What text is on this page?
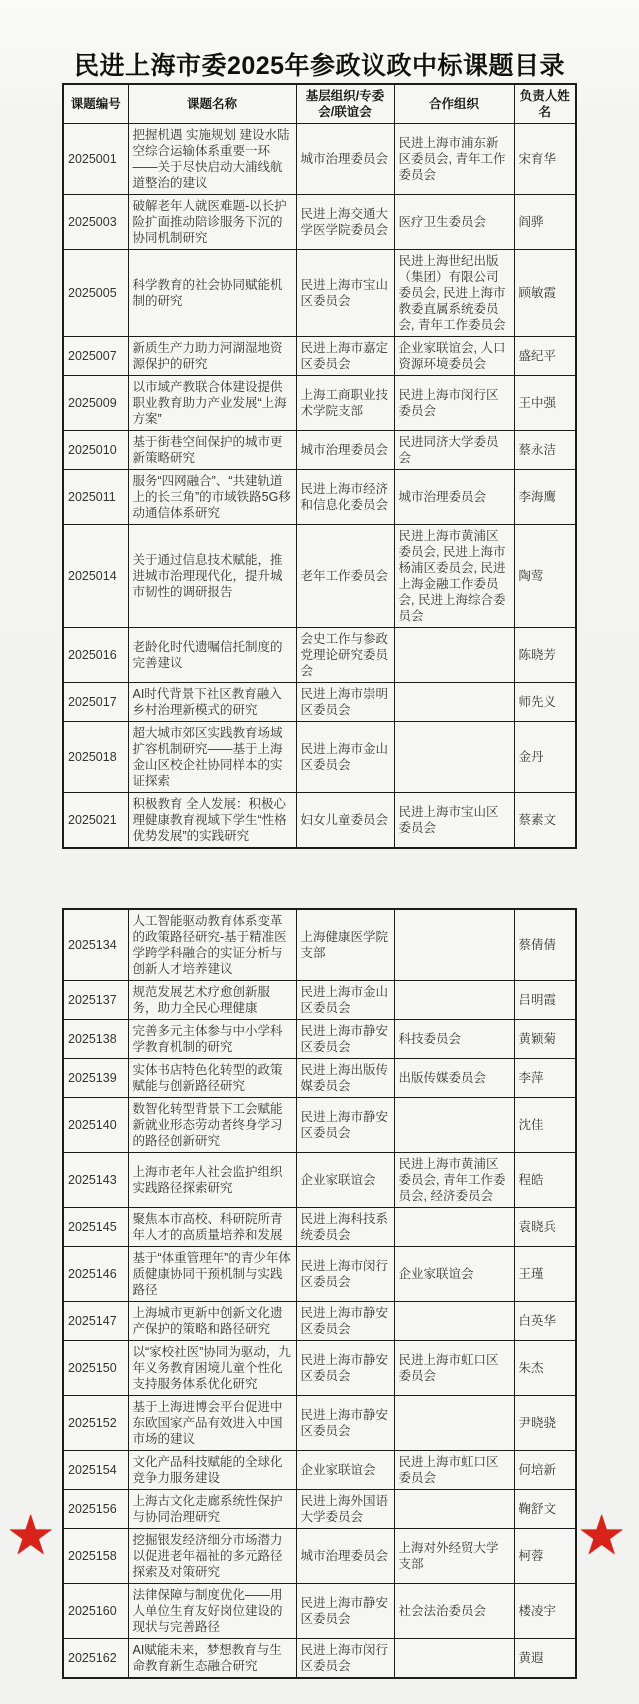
民进上海市委2025年参政议政中标课题目录
课题编号	课题名称	基层组织/专委会/联谊会	合作组织	负责人姓名
2025001	把握机遇 实施规划 建设水陆空综合运输体系重要一环——关于尽快启动大浦线航道整治的建议	城市治理委员会	民进上海市浦东新区委员会, 青年工作委员会	宋育华
2025003	破解老年人就医难题-以长护险扩面推动陪诊服务下沉的协同机制研究	民进上海交通大学医学院委员会	医疗卫生委员会	阎骅
2025005	科学教育的社会协同赋能机制的研究	民进上海市宝山区委员会	民进上海世纪出版（集团）有限公司委员会, 民进上海市教委直属系统委员会, 青年工作委员会	顾敏霞
2025007	新质生产力助力河湖湿地资源保护的研究	民进上海市嘉定区委员会	企业家联谊会, 人口资源环境委员会	盛纪平
2025009	以市域产教联合体建设提供职业教育助力产业发展“上海方案”	上海工商职业技术学院支部	民进上海市闵行区委员会	王中强
2025010	基于街巷空间保护的城市更新策略研究	城市治理委员会	民进同济大学委员会	蔡永洁
2025011	服务“四网融合”、“共建轨道上的长三角”的市域铁路5G移动通信体系研究	民进上海市经济和信息化委员会	城市治理委员会	李海鹰
2025014	关于通过信息技术赋能，推进城市治理现代化，提升城市韧性的调研报告	老年工作委员会	民进上海市黄浦区委员会, 民进上海市杨浦区委员会, 民进上海金融工作委员会, 民进上海综合委员会	陶莺
2025016	老龄化时代遗嘱信托制度的完善建议	会史工作与参政党理论研究委员会		陈晓芳
2025017	AI时代背景下社区教育融入乡村治理新模式的研究	民进上海市崇明区委员会		师先义
2025018	超大城市郊区实践教育场域扩容机制研究——基于上海金山区校企社协同样本的实证探索	民进上海市金山区委员会		金丹
2025021	积极教育 全人发展：积极心理健康教育视域下学生“性格优势发展”的实践研究	妇女儿童委员会	民进上海市宝山区委员会	蔡素文
2025134	人工智能驱动教育体系变革的政策路径研究-基于精准医学跨学科融合的实证分析与创新人才培养建议	上海健康医学院支部		蔡倩倩
2025137	规范发展艺术疗愈创新服务，助力全民心理健康	民进上海市金山区委员会		吕明霞
2025138	完善多元主体参与中小学科学教育机制的研究	民进上海市静安区委员会	科技委员会	黄颖菊
2025139	实体书店特色化转型的政策赋能与创新路径研究	民进上海出版传媒委员会	出版传媒委员会	李萍
2025140	数智化转型背景下工会赋能新就业形态劳动者终身学习的路径创新研究	民进上海市静安区委员会		沈佳
2025143	上海市老年人社会监护组织实践路径探索研究	企业家联谊会	民进上海市黄浦区委员会, 青年工作委员会, 经济委员会	程皓
2025145	聚焦本市高校、科研院所青年人才的高质量培养和发展	民进上海科技系统委员会		袁晓兵
2025146	基于“体重管理年”的青少年体质健康协同干预机制与实践路径	民进上海市闵行区委员会	企业家联谊会	王瑾
2025147	上海城市更新中创新文化遗产保护的策略和路径研究	民进上海市静安区委员会		白英华
2025150	以“家校社医”协同为驱动，九年义务教育困境儿童个性化支持服务体系优化研究	民进上海市静安区委员会	民进上海市虹口区委员会	朱杰
2025152	基于上海进博会平台促进中东欧国家产品有效进入中国市场的建议	民进上海市静安区委员会		尹晓骁
2025154	文化产品科技赋能的全球化竞争力服务建设	企业家联谊会	民进上海市虹口区委员会	何培新
2025156	上海古文化走廊系统性保护与协同治理研究	民进上海外国语大学委员会		鞠舒文
2025158	挖掘银发经济细分市场潜力以促进老年福祉的多元路径探索及对策研究	城市治理委员会	上海对外经贸大学支部	柯蓉
2025160	法律保障与制度优化——用人单位生育友好岗位建设的现状与完善路径	民进上海市静安区委员会	社会法治委员会	楼凌宇
2025162	AI赋能未来，梦想教育与生命教育新生态融合研究	民进上海市闵行区委员会		黄遐
★	★
